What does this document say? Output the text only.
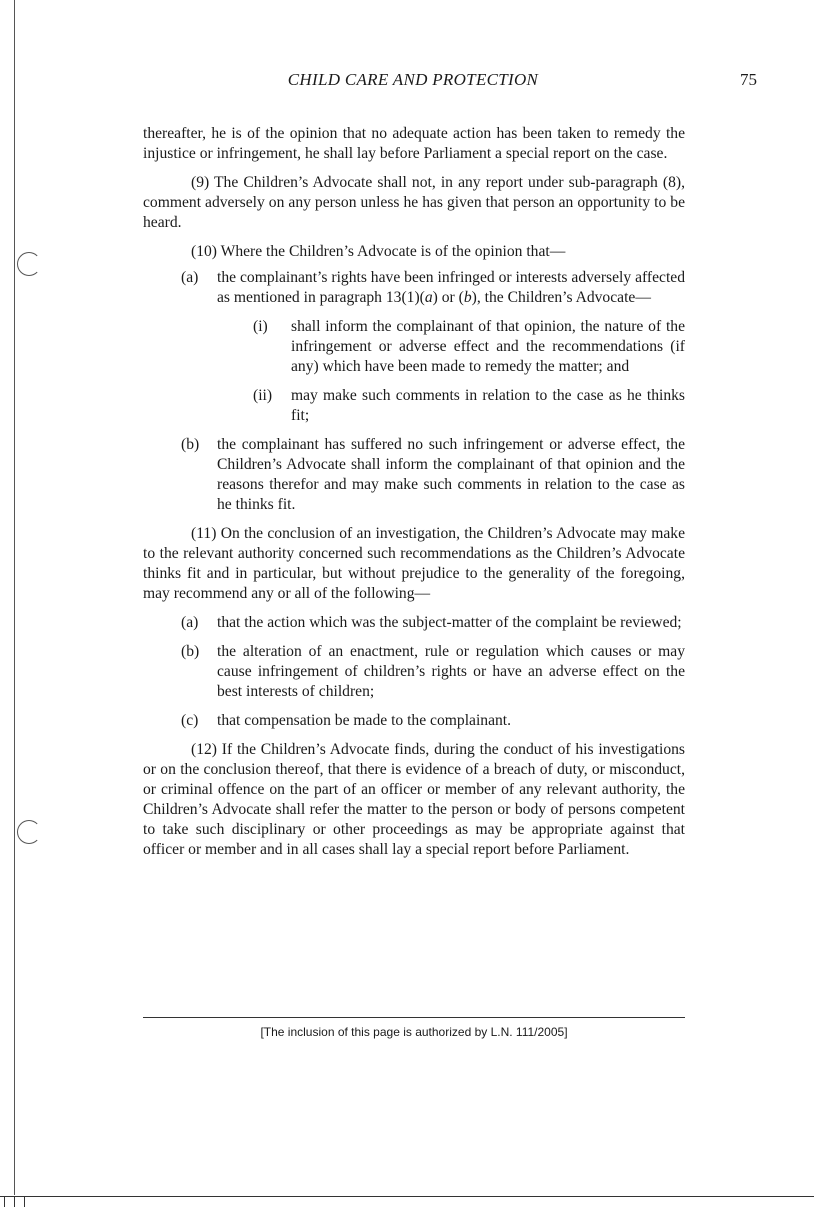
CHILD CARE AND PROTECTION	75

thereafter, he is of the opinion that no adequate action has been taken to remedy the injustice or infringement, he shall lay before Parliament a special report on the case.

(9) The Children’s Advocate shall not, in any report under sub-paragraph (8), comment adversely on any person unless he has given that person an opportunity to be heard.

(10) Where the Children’s Advocate is of the opinion that—

(a)	the complainant’s rights have been infringed or interests adversely affected as mentioned in paragraph 13(1)(a) or (b), the Children’s Advocate—
(i)	shall inform the complainant of that opinion, the nature of the infringement or adverse effect and the recommendations (if any) which have been made to remedy the matter; and
(ii)	may make such comments in relation to the case as he thinks fit;
(b)	the complainant has suffered no such infringement or adverse effect, the Children’s Advocate shall inform the complainant of that opinion and the reasons therefor and may make such comments in relation to the case as he thinks fit.

(11) On the conclusion of an investigation, the Children’s Advocate may make to the relevant authority concerned such recommendations as the Children’s Advocate thinks fit and in particular, but without prejudice to the generality of the foregoing, may recommend any or all of the following—

(a)	that the action which was the subject-matter of the complaint be reviewed;
(b)	the alteration of an enactment, rule or regulation which causes or may cause infringement of children’s rights or have an adverse effect on the best interests of children;
(c)	that compensation be made to the complainant.

(12) If the Children’s Advocate finds, during the conduct of his investigations or on the conclusion thereof, that there is evidence of a breach of duty, or misconduct, or criminal offence on the part of an officer or member of any relevant authority, the Children’s Advocate shall refer the matter to the person or body of persons competent to take such disciplinary or other proceedings as may be appropriate against that officer or member and in all cases shall lay a special report before Parliament.

[The inclusion of this page is authorized by L.N. 111/2005]
